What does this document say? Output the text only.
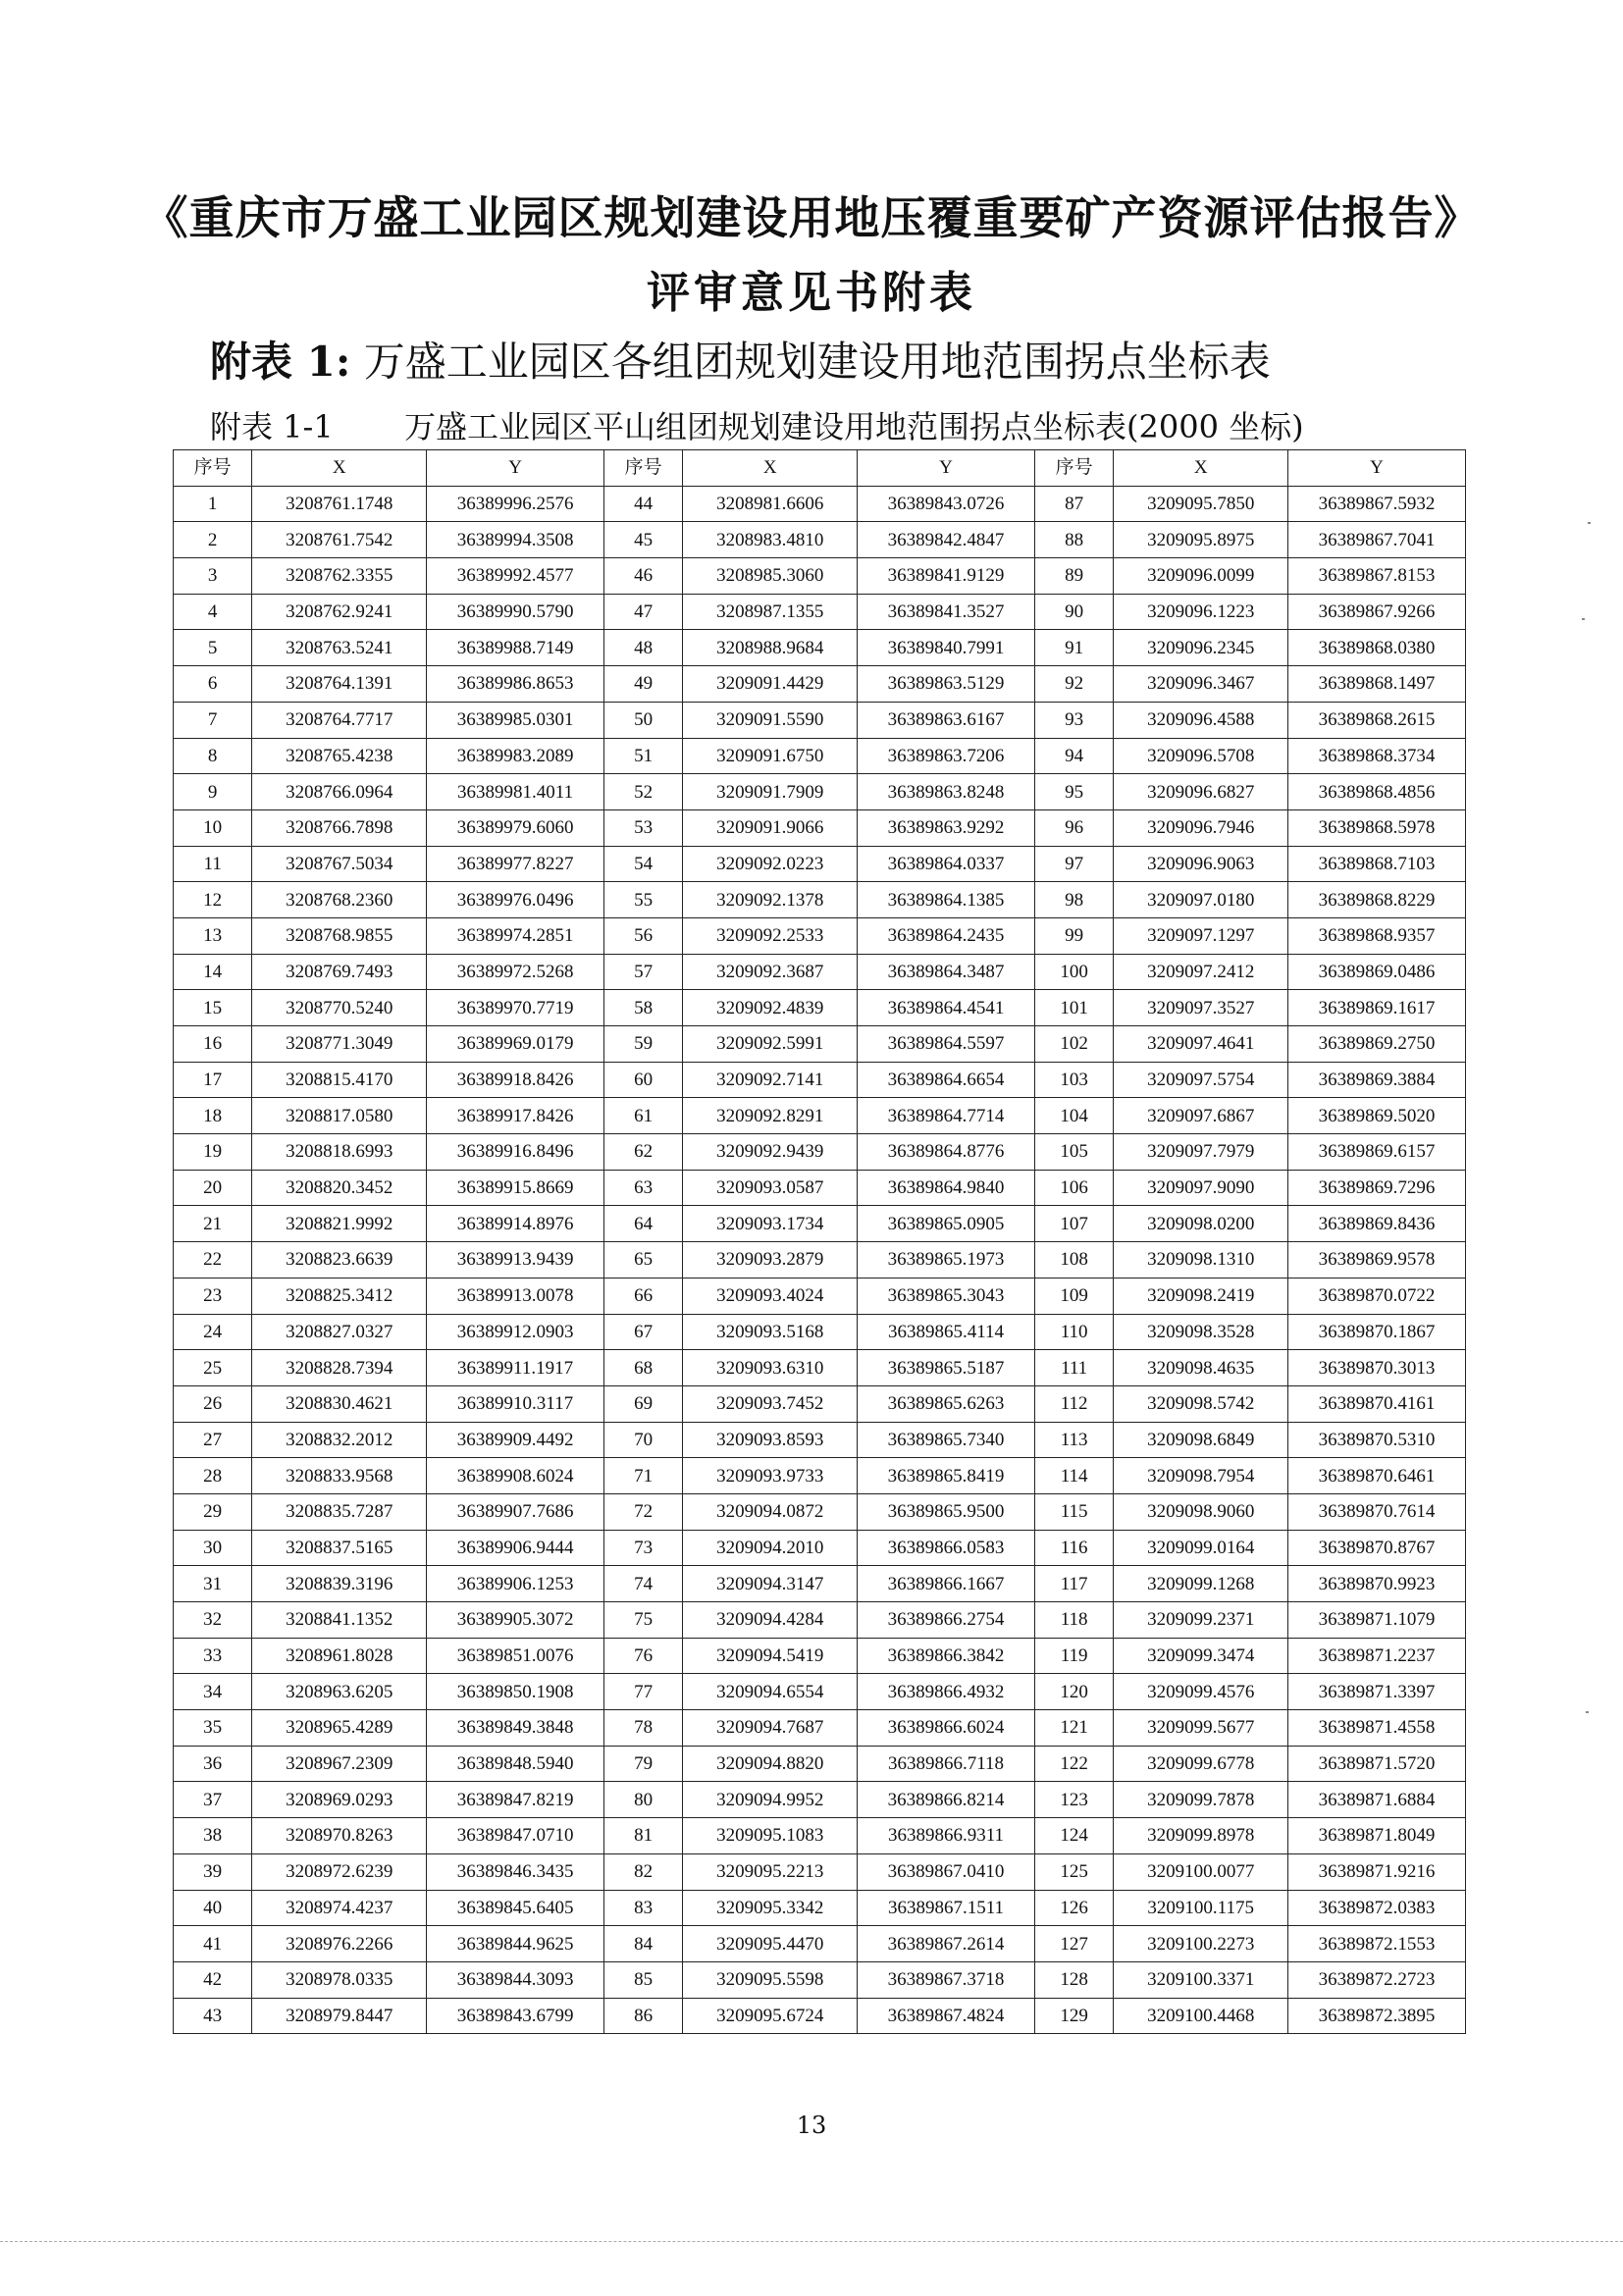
《重庆市万盛工业园区规划建设用地压覆重要矿产资源评估报告》
评审意见书附表
附表 1: 万盛工业园区各组团规划建设用地范围拐点坐标表
附表 1-1 万盛工业园区平山组团规划建设用地范围拐点坐标表(2000 坐标)
序号	X	Y	序号	X	Y	序号	X	Y
1	3208761.1748	36389996.2576	44	3208981.6606	36389843.0726	87	3209095.7850	36389867.5932
2	3208761.7542	36389994.3508	45	3208983.4810	36389842.4847	88	3209095.8975	36389867.7041
3	3208762.3355	36389992.4577	46	3208985.3060	36389841.9129	89	3209096.0099	36389867.8153
4	3208762.9241	36389990.5790	47	3208987.1355	36389841.3527	90	3209096.1223	36389867.9266
5	3208763.5241	36389988.7149	48	3208988.9684	36389840.7991	91	3209096.2345	36389868.0380
6	3208764.1391	36389986.8653	49	3209091.4429	36389863.5129	92	3209096.3467	36389868.1497
7	3208764.7717	36389985.0301	50	3209091.5590	36389863.6167	93	3209096.4588	36389868.2615
8	3208765.4238	36389983.2089	51	3209091.6750	36389863.7206	94	3209096.5708	36389868.3734
9	3208766.0964	36389981.4011	52	3209091.7909	36389863.8248	95	3209096.6827	36389868.4856
10	3208766.7898	36389979.6060	53	3209091.9066	36389863.9292	96	3209096.7946	36389868.5978
11	3208767.5034	36389977.8227	54	3209092.0223	36389864.0337	97	3209096.9063	36389868.7103
12	3208768.2360	36389976.0496	55	3209092.1378	36389864.1385	98	3209097.0180	36389868.8229
13	3208768.9855	36389974.2851	56	3209092.2533	36389864.2435	99	3209097.1297	36389868.9357
14	3208769.7493	36389972.5268	57	3209092.3687	36389864.3487	100	3209097.2412	36389869.0486
15	3208770.5240	36389970.7719	58	3209092.4839	36389864.4541	101	3209097.3527	36389869.1617
16	3208771.3049	36389969.0179	59	3209092.5991	36389864.5597	102	3209097.4641	36389869.2750
17	3208815.4170	36389918.8426	60	3209092.7141	36389864.6654	103	3209097.5754	36389869.3884
18	3208817.0580	36389917.8426	61	3209092.8291	36389864.7714	104	3209097.6867	36389869.5020
19	3208818.6993	36389916.8496	62	3209092.9439	36389864.8776	105	3209097.7979	36389869.6157
20	3208820.3452	36389915.8669	63	3209093.0587	36389864.9840	106	3209097.9090	36389869.7296
21	3208821.9992	36389914.8976	64	3209093.1734	36389865.0905	107	3209098.0200	36389869.8436
22	3208823.6639	36389913.9439	65	3209093.2879	36389865.1973	108	3209098.1310	36389869.9578
23	3208825.3412	36389913.0078	66	3209093.4024	36389865.3043	109	3209098.2419	36389870.0722
24	3208827.0327	36389912.0903	67	3209093.5168	36389865.4114	110	3209098.3528	36389870.1867
25	3208828.7394	36389911.1917	68	3209093.6310	36389865.5187	111	3209098.4635	36389870.3013
26	3208830.4621	36389910.3117	69	3209093.7452	36389865.6263	112	3209098.5742	36389870.4161
27	3208832.2012	36389909.4492	70	3209093.8593	36389865.7340	113	3209098.6849	36389870.5310
28	3208833.9568	36389908.6024	71	3209093.9733	36389865.8419	114	3209098.7954	36389870.6461
29	3208835.7287	36389907.7686	72	3209094.0872	36389865.9500	115	3209098.9060	36389870.7614
30	3208837.5165	36389906.9444	73	3209094.2010	36389866.0583	116	3209099.0164	36389870.8767
31	3208839.3196	36389906.1253	74	3209094.3147	36389866.1667	117	3209099.1268	36389870.9923
32	3208841.1352	36389905.3072	75	3209094.4284	36389866.2754	118	3209099.2371	36389871.1079
33	3208961.8028	36389851.0076	76	3209094.5419	36389866.3842	119	3209099.3474	36389871.2237
34	3208963.6205	36389850.1908	77	3209094.6554	36389866.4932	120	3209099.4576	36389871.3397
35	3208965.4289	36389849.3848	78	3209094.7687	36389866.6024	121	3209099.5677	36389871.4558
36	3208967.2309	36389848.5940	79	3209094.8820	36389866.7118	122	3209099.6778	36389871.5720
37	3208969.0293	36389847.8219	80	3209094.9952	36389866.8214	123	3209099.7878	36389871.6884
38	3208970.8263	36389847.0710	81	3209095.1083	36389866.9311	124	3209099.8978	36389871.8049
39	3208972.6239	36389846.3435	82	3209095.2213	36389867.0410	125	3209100.0077	36389871.9216
40	3208974.4237	36389845.6405	83	3209095.3342	36389867.1511	126	3209100.1175	36389872.0383
41	3208976.2266	36389844.9625	84	3209095.4470	36389867.2614	127	3209100.2273	36389872.1553
42	3208978.0335	36389844.3093	85	3209095.5598	36389867.3718	128	3209100.3371	36389872.2723
43	3208979.8447	36389843.6799	86	3209095.6724	36389867.4824	129	3209100.4468	36389872.3895
13
